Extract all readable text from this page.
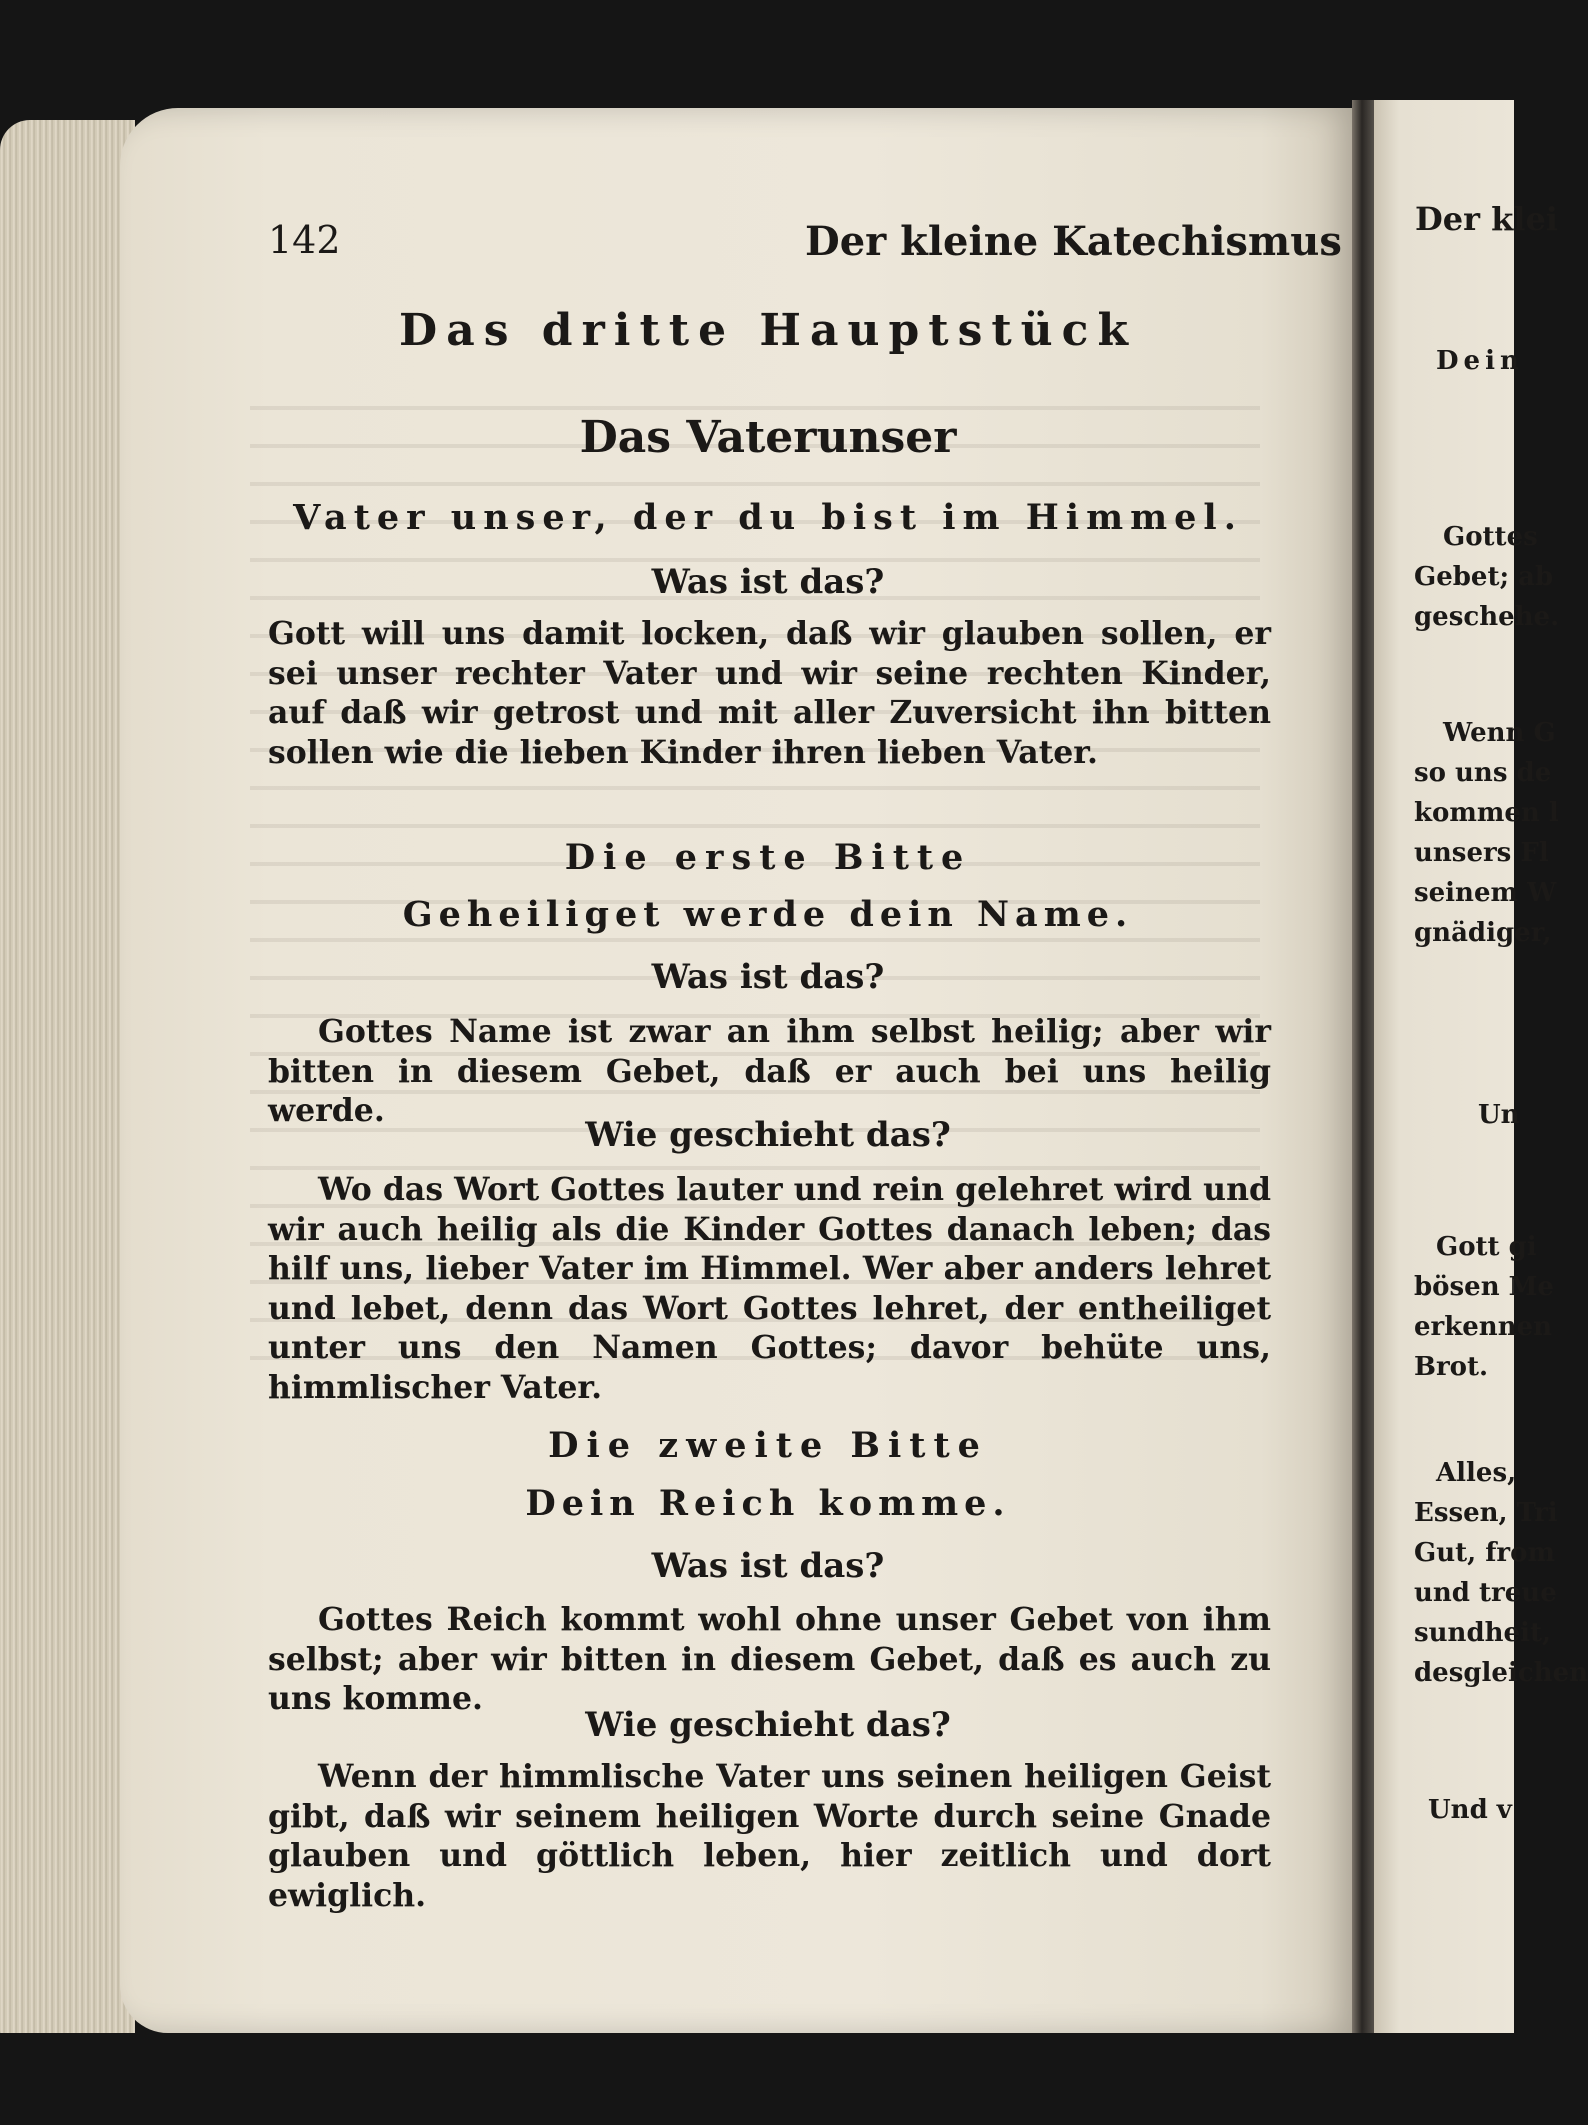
142	Der kleine Katechismus
Das dritte Hauptstück
Das Vaterunser
Vater unser, der du bist im Himmel.
Was ist das?
Gott will uns damit locken, daß wir glauben sollen, er sei unser rechter Vater und wir seine rechten Kinder, auf daß wir getrost und mit aller Zuversicht ihn bitten sollen wie die lieben Kinder ihren lieben Vater.
Die erste Bitte
Geheiliget werde dein Name.
Was ist das?
Gottes Name ist zwar an ihm selbst heilig; aber wir bitten in diesem Gebet, daß er auch bei uns heilig werde.
Wie geschieht das?
Wo das Wort Gottes lauter und rein gelehret wird und wir auch heilig als die Kinder Gottes danach leben; das hilf uns, lieber Vater im Himmel. Wer aber anders lehret und lebet, denn das Wort Gottes lehret, der entheiliget unter uns den Namen Gottes; davor behüte uns, himmlischer Vater.
Die zweite Bitte
Dein Reich komme.
Was ist das?
Gottes Reich kommt wohl ohne unser Gebet von ihm selbst; aber wir bitten in diesem Gebet, daß es auch zu uns komme.
Wie geschieht das?
Wenn der himmlische Vater uns seinen heiligen Geist gibt, daß wir seinem heiligen Worte durch seine Gnade glauben und göttlich leben, hier zeitlich und dort ewiglich.
Der klei
Dein
Gottes
Gebet; ab
geschehe.
Wenn G
so uns de
kommen l
unsers Fl
seinem W
gnädiger,
Un
Gott gi
bösen Me
erkennen
Brot.
Alles,
Essen, Tri
Gut, from
und treue
sundheit,
desgleichen
Und v
